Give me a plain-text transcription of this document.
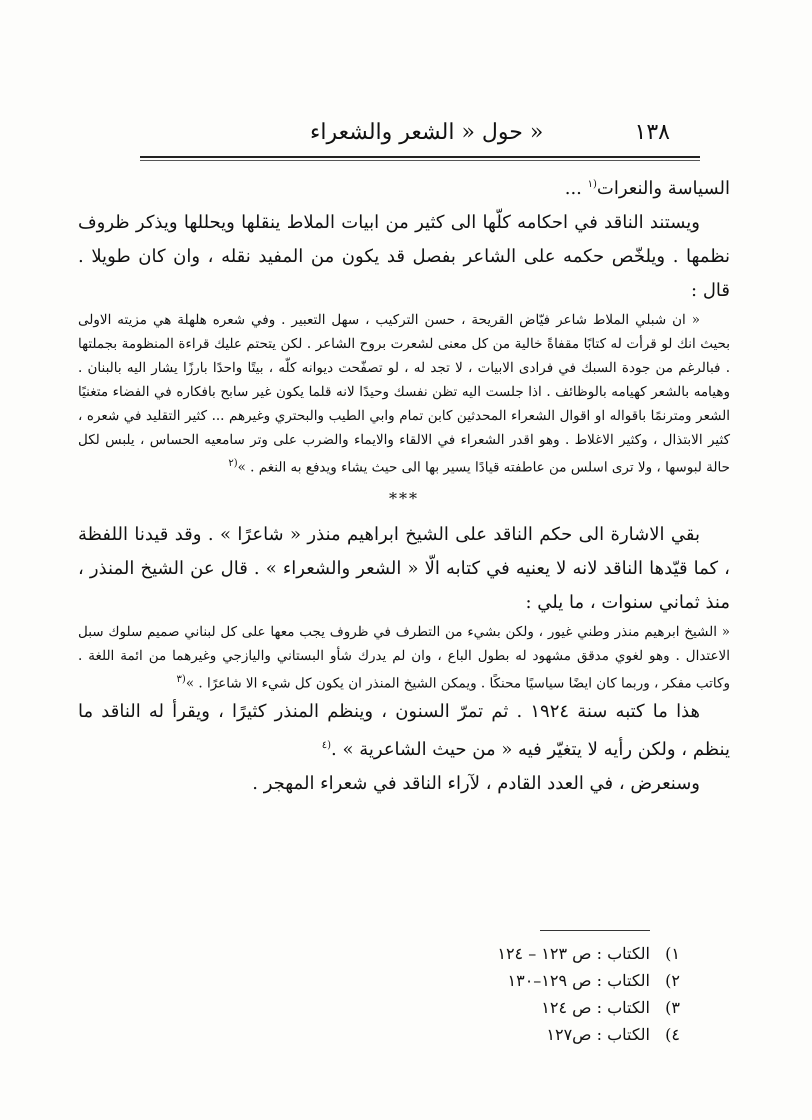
١٣٨
حول « الشعر والشعراء »

السياسة والنعرات$^{(١}$ ...

ويستند الناقد في احكامه كلّها الى كثير من ابيات الملاط ينقلها ويحللها ويذكر ظروف نظمها . ويلخّص حكمه على الشاعر بفصل قد يكون من المفيد نقله ، وان كان طويلا . قال :

« ان شبلي الملاط شاعر فيّاض القريحة ، حسن التركيب ، سهل التعبير . وفي شعره هلهلة هي مزيته الاولى بحيث انك لو قرأت له كتابًا مقفاةً خالية من كل معنى لشعرت بروح الشاعر . لكن يتحتم عليك قراءة المنظومة بجملتها . فبالرغم من جودة السبك في فرادى الابيات ، لا تجد له ، لو تصفّحت ديوانه كلّه ، بيتًا واحدًا بارزًا يشار اليه بالبنان . وهيامه بالشعر كهيامه بالوظائف . اذا جلست اليه تظن نفسك وحيدًا لانه قلما يكون غير سابح بافكاره في الفضاء متغنيًا الشعر ومترنمًا باقواله او اقوال الشعراء المحدثين كابن تمام وابي الطيب والبحتري وغيرهم ... كثير التقليد في شعره ، كثير الابتذال ، وكثير الاغلاط . وهو اقدر الشعراء في الالقاء والايماء والضرب على وتر سامعيه الحساس ، يلبس لكل حالة لبوسها ، ولا ترى اسلس من عاطفته قيادًا يسير بها الى حيث يشاء ويدفع به النغم . »$^{(٢}$

***

بقي الاشارة الى حكم الناقد على الشيخ ابراهيم منذر « شاعرًا » . وقد قيدنا اللفظة ، كما قيّدها الناقد لانه لا يعنيه في كتابه الّا « الشعر والشعراء » . قال عن الشيخ المنذر ، منذ ثماني سنوات ، ما يلي :

« الشيخ ابرهيم منذر وطني غيور ، ولكن بشيء من التطرف في ظروف يجب معها على كل لبناني صميم سلوك سبل الاعتدال . وهو لغوي مدقق مشهود له بطول الباع ، وان لم يدرك شأو البستاني واليازجي وغيرهما من ائمة اللغة . وكاتب مفكر ، وربما كان ايضًا سياسيًا محنكًا . ويمكن الشيخ المنذر ان يكون كل شيء الا شاعرًا . »$^{(٣}$

هذا ما كتبه سنة ١٩٢٤ . ثم تمرّ السنون ، وينظم المنذر كثيرًا ، ويقرأ له الناقد ما ينظم ، ولكن رأيه لا يتغيّر فيه « من حيث الشاعرية » .$^{(٤}$

وسنعرض ، في العدد القادم ، لآراء الناقد في شعراء المهجر .

١)الكتاب : ص ١٢٣ – ١٢٤
٢)الكتاب : ص ١٢٩–١٣٠
٣)الكتاب : ص ١٢٤
٤)الكتاب : ص١٢٧
